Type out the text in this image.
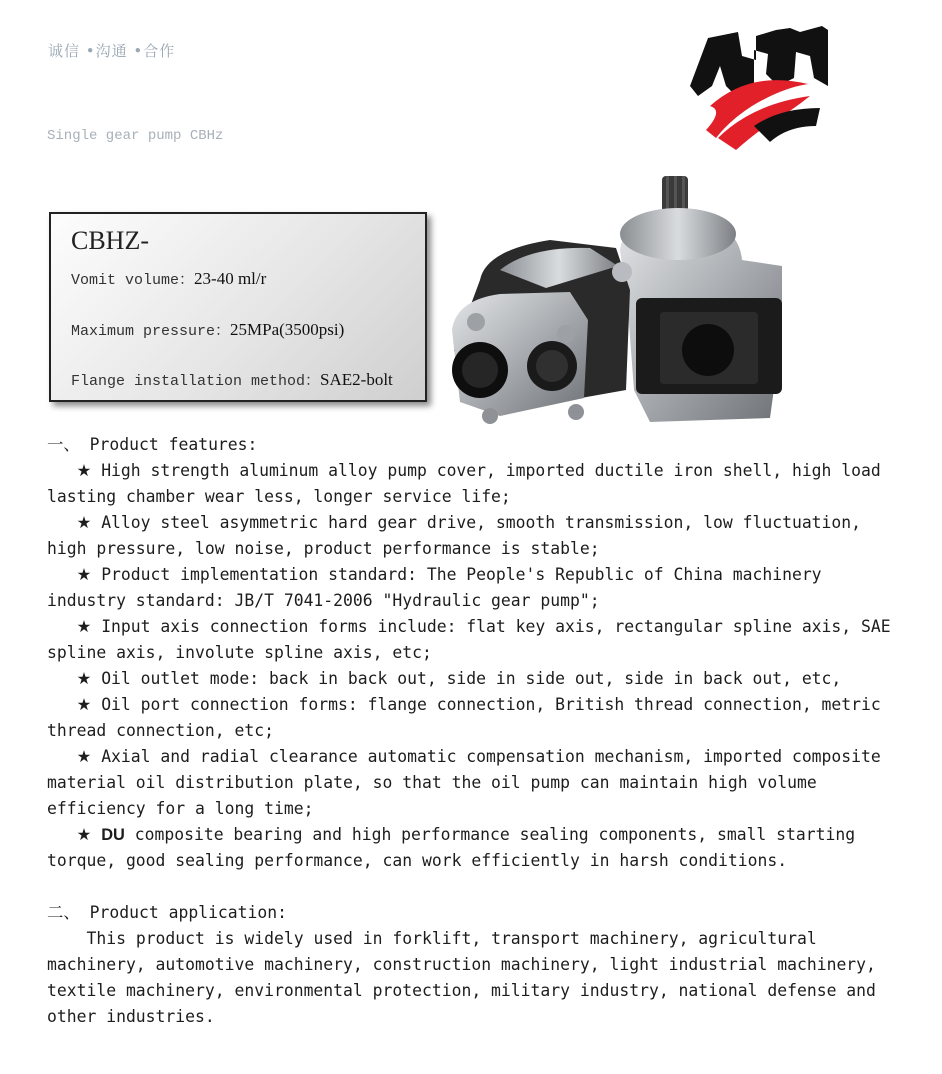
诚信 •沟通 •合作
Single gear pump CBHz
CBHZ-
Vomit volume：23-40 ml/r
Maximum pressure：25MPa(3500psi)
Flange installation method：SAE2-bolt

一、 Product features:

★ High strength aluminum alloy pump cover, imported ductile iron shell, high load lasting chamber wear less, longer service life;

★ Alloy steel asymmetric hard gear drive, smooth transmission, low fluctuation, high pressure, low noise, product performance is stable;

★ Product implementation standard: The People's Republic of China machinery industry standard: JB/T 7041-2006 "Hydraulic gear pump";

★ Input axis connection forms include: flat key axis, rectangular spline axis, SAE spline axis, involute spline axis, etc;

★ Oil outlet mode: back in back out, side in side out, side in back out, etc,

★ Oil port connection forms: flange connection, British thread connection, metric thread connection, etc;

★ Axial and radial clearance automatic compensation mechanism, imported composite material oil distribution plate, so that the oil pump can maintain high volume efficiency for a long time;

★ DU composite bearing and high performance sealing components, small starting torque, good sealing performance, can work efficiently in harsh conditions.

二、 Product application:

This product is widely used in forklift, transport machinery, agricultural machinery, automotive machinery, construction machinery, light industrial machinery, textile machinery, environmental protection, military industry, national defense and other industries.
